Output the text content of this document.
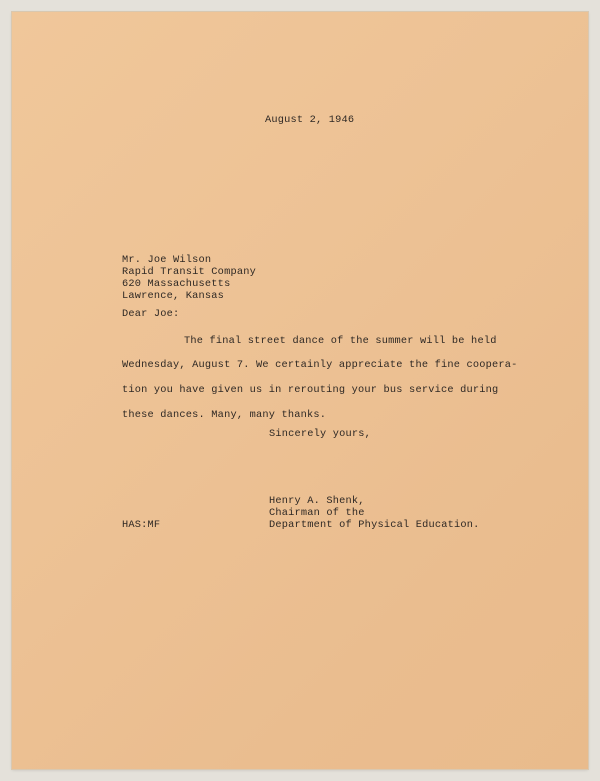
August 2, 1946
Mr. Joe Wilson
Rapid Transit Company
620 Massachusetts
Lawrence, Kansas
Dear Joe:
The final street dance of the summer will be held
Wednesday, August 7. We certainly appreciate the fine coopera-
tion you have given us in rerouting your bus service during
these dances. Many, many thanks.
Sincerely yours,
Henry A. Shenk,
Chairman of the
Department of Physical Education.
HAS:MF
